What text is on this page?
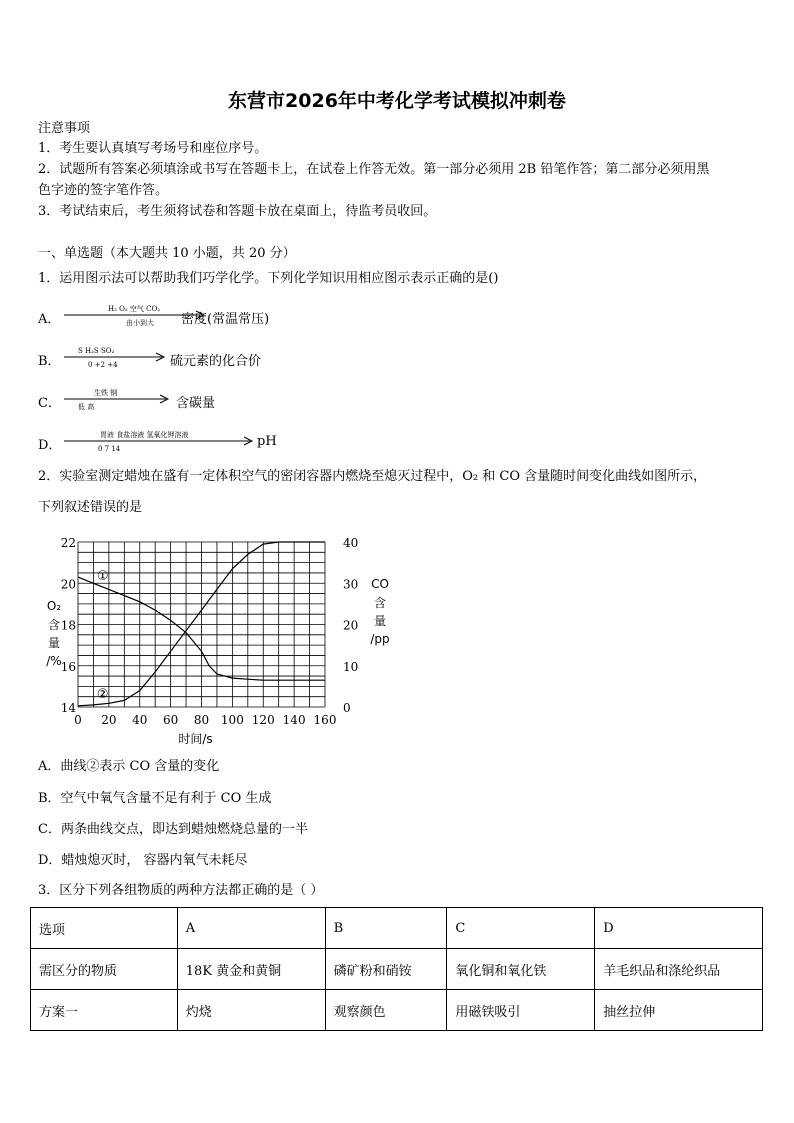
东营市2026年中考化学考试模拟冲刺卷
注意事项
1．考生要认真填写考场号和座位序号。
2．试题所有答案必须填涂或书写在答题卡上，在试卷上作答无效。第一部分必须用 2B 铅笔作答；第二部分必须用黑
色字迹的签字笔作答。
3．考试结束后，考生须将试卷和答题卡放在桌面上，待监考员收回。
一、单选题（本大题共 10 小题，共 20 分）
1．运用图示法可以帮助我们巧学化学。下列化学知识用相应图示表示正确的是()
A．
H₂ O₂ 空气 CO₂
由小到大 密度(常温常压)
B．
S H₂S SO₂
0 +2 +4	硫元素的化合价
C．
生铁 钢
低 高	含碳量
D．
胃液 食盐溶液 氢氧化钾溶液
0 7 14	pH
2．实验室测定蜡烛在盛有一定体积空气的密闭容器内燃烧至熄灭过程中，O₂ 和 CO 含量随时间变化曲线如图所示，
下列叙述错误的是
0 20 40 60 80 100 120 140 160
14
16
18
20
22
0
10
20
30
40
时间/s
O₂
含
量
/%
CO
含
量
/pp
①
②
A．曲线②表示 CO 含量的变化
B．空气中氧气含量不足有利于 CO 生成
C．两条曲线交点，即达到蜡烛燃烧总量的一半
D．蜡烛熄灭时， 容器内氧气未耗尽
3．区分下列各组物质的两种方法都正确的是（ ）
选项	A	B	C	D
需区分的物质	18K 黄金和黄铜	磷矿粉和硝铵	氧化铜和氧化铁	羊毛织品和涤纶织品
方案一	灼烧	观察颜色	用磁铁吸引	抽丝拉伸
